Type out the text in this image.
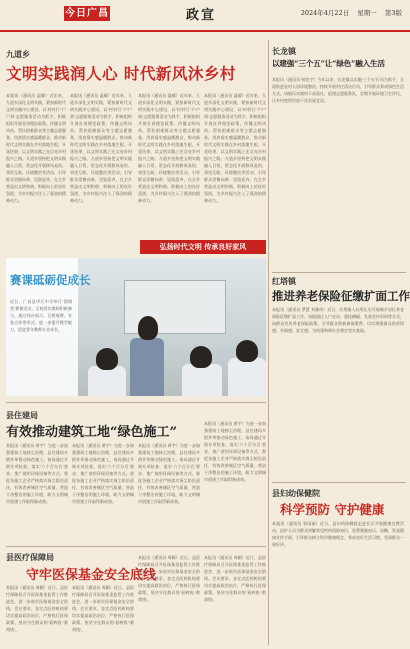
今日广昌	政宣	2024年4月22日 星期一 第3版
九道乡
文明实践润人心 时代新风沐乡村
本报讯（通讯员 温耀）近年来，九道乡深化文明实践，紧扣新时代文明实践中心建设，以'村村行''户户到'志愿服务活动为抓手，积极组织开展宣讲理论政策、传播文明风尚、帮扶困难群众等主题志愿服务，用真情实感温暖群众，推动新时代文明实践在乡村落地生根、开花结果，以文明实践之光点亮乡村振兴之路。九道乡坚持把文明实践融入日常，常态化开展移风易俗、邻里互助、环境整治等活动，引导群众崇德向善、见贤思齐，在全乡营造出文明和谐、积极向上的良好氛围，为乡村振兴注入了强劲的精神动力。
本报讯（通讯员 温耀）近年来，九道乡深化文明实践，紧扣新时代文明实践中心建设，以'村村行''户户到'志愿服务活动为抓手，积极组织开展宣讲理论政策、传播文明风尚、帮扶困难群众等主题志愿服务，用真情实感温暖群众，推动新时代文明实践在乡村落地生根、开花结果，以文明实践之光点亮乡村振兴之路。九道乡坚持把文明实践融入日常，常态化开展移风易俗、邻里互助、环境整治等活动，引导群众崇德向善、见贤思齐，在全乡营造出文明和谐、积极向上的良好氛围，为乡村振兴注入了强劲的精神动力。
本报讯（通讯员 温耀）近年来，九道乡深化文明实践，紧扣新时代文明实践中心建设，以'村村行''户户到'志愿服务活动为抓手，积极组织开展宣讲理论政策、传播文明风尚、帮扶困难群众等主题志愿服务，用真情实感温暖群众，推动新时代文明实践在乡村落地生根、开花结果，以文明实践之光点亮乡村振兴之路。九道乡坚持把文明实践融入日常，常态化开展移风易俗、邻里互助、环境整治等活动，引导群众崇德向善、见贤思齐，在全乡营造出文明和谐、积极向上的良好氛围，为乡村振兴注入了强劲的精神动力。
本报讯（通讯员 温耀）近年来，九道乡深化文明实践，紧扣新时代文明实践中心建设，以'村村行''户户到'志愿服务活动为抓手，积极组织开展宣讲理论政策、传播文明风尚、帮扶困难群众等主题志愿服务，用真情实感温暖群众，推动新时代文明实践在乡村落地生根、开花结果，以文明实践之光点亮乡村振兴之路。九道乡坚持把文明实践融入日常，常态化开展移风易俗、邻里互助、环境整治等活动，引导群众崇德向善、见贤思齐，在全乡营造出文明和谐、积极向上的良好氛围，为乡村振兴注入了强劲的精神动力。
弘扬时代文明 传承良好家风
赛课砥砺促成长
近日，广昌县甲江中学举行'润课堂'赛课活动，全校青年教师积极参与，通过同台展示、互相观摩、专家点评等形式，进一步提升教学能力，促进青年教师专业成长。
县住建局
有效推动建筑工地“绿色施工”
本报讯（通讯员 黄宇）为进一步加强建筑工地扬尘治理，县住建局多措并举推动绿色施工。该局通过开展专项检查、落实'六个百分百'要求、推广使用环保设备等方式，督促各施工企业严格落实扬尘防治责任，有效改善城区空气质量，营造干净整洁的施工环境，助力文明城市创建工作取得新成效。
本报讯（通讯员 黄宇）为进一步加强建筑工地扬尘治理，县住建局多措并举推动绿色施工。该局通过开展专项检查、落实'六个百分百'要求、推广使用环保设备等方式，督促各施工企业严格落实扬尘防治责任，有效改善城区空气质量，营造干净整洁的施工环境，助力文明城市创建工作取得新成效。
本报讯（通讯员 黄宇）为进一步加强建筑工地扬尘治理，县住建局多措并举推动绿色施工。该局通过开展专项检查、落实'六个百分百'要求、推广使用环保设备等方式，督促各施工企业严格落实扬尘防治责任，有效改善城区空气质量，营造干净整洁的施工环境，助力文明城市创建工作取得新成效。
本报讯（通讯员 黄宇）为进一步加强建筑工地扬尘治理，县住建局多措并举推动绿色施工。该局通过开展专项检查、落实'六个百分百'要求、推广使用环保设备等方式，督促各施工企业严格落实扬尘防治责任，有效改善城区空气质量，营造干净整洁的施工环境，助力文明城市创建工作取得新成效。
县医疗保障局
守牢医保基金安全底线
本报讯（通讯员 周颖）近日，县医疗保障局召开医保基金监管工作推进会，进一步筑牢医保基金安全防线。会议要求，各定点医药机构要切实提高政治站位，严格执行医保政策，坚决守住群众的'看病钱''救命钱'。
本报讯（通讯员 周颖）近日，县医疗保障局召开医保基金监管工作推进会，进一步筑牢医保基金安全防线。会议要求，各定点医药机构要切实提高政治站位，严格执行医保政策，坚决守住群众的'看病钱''救命钱'。
本报讯（通讯员 周颖）近日，县医疗保障局召开医保基金监管工作推进会，进一步筑牢医保基金安全防线。会议要求，各定点医药机构要切实提高政治站位，严格执行医保政策，坚决守住群众的'看病钱''救命钱'。
本报讯（通讯员 周颖）近日，县医疗保障局召开医保基金监管工作推进会，进一步筑牢医保基金安全防线。会议要求，各定点医药机构要切实提高政治站位，严格执行医保政策，坚决守住群众的'看病钱''救命钱'。
长龙镇
以建强“三个五”让“绿色”融入生活
本报讯（通讯员 何欣宇）今年以来，长龙镇以实施'三个五'行动为抓手，全面推进农村人居环境整治，持续开展村庄清洁行动，引导群众养成绿色生活方式。该镇压实镇村干部责任，组建志愿服务队，定期开展环境卫生评比，让乡村变得更加干净美丽宜居。
红塔镇
推进养老保险征缴扩面工作
本报讯（通讯员 罗慧 刘雅伟）近日，红塔镇人社所扎实开展城乡居民养老保险征缴扩面工作。该镇通过入户走访、悬挂横幅、发放宣传资料等方式，向群众宣传养老保险政策，引导群众积极参保缴费，切实增强群众的获得感、幸福感、安全感，为构建和谐社会奠定坚实基础。
县妇幼保健院
科学预防 守护健康
本报讯（通讯员 邹雨丽）近日，县妇幼保健院走进社区开展健康宣教活动，医护人员为群众讲解常见疾病预防知识，免费测量血压、血糖，发放健康宣传手册，引导群众树立科学健康理念，养成良好生活习惯，受到群众一致好评。
